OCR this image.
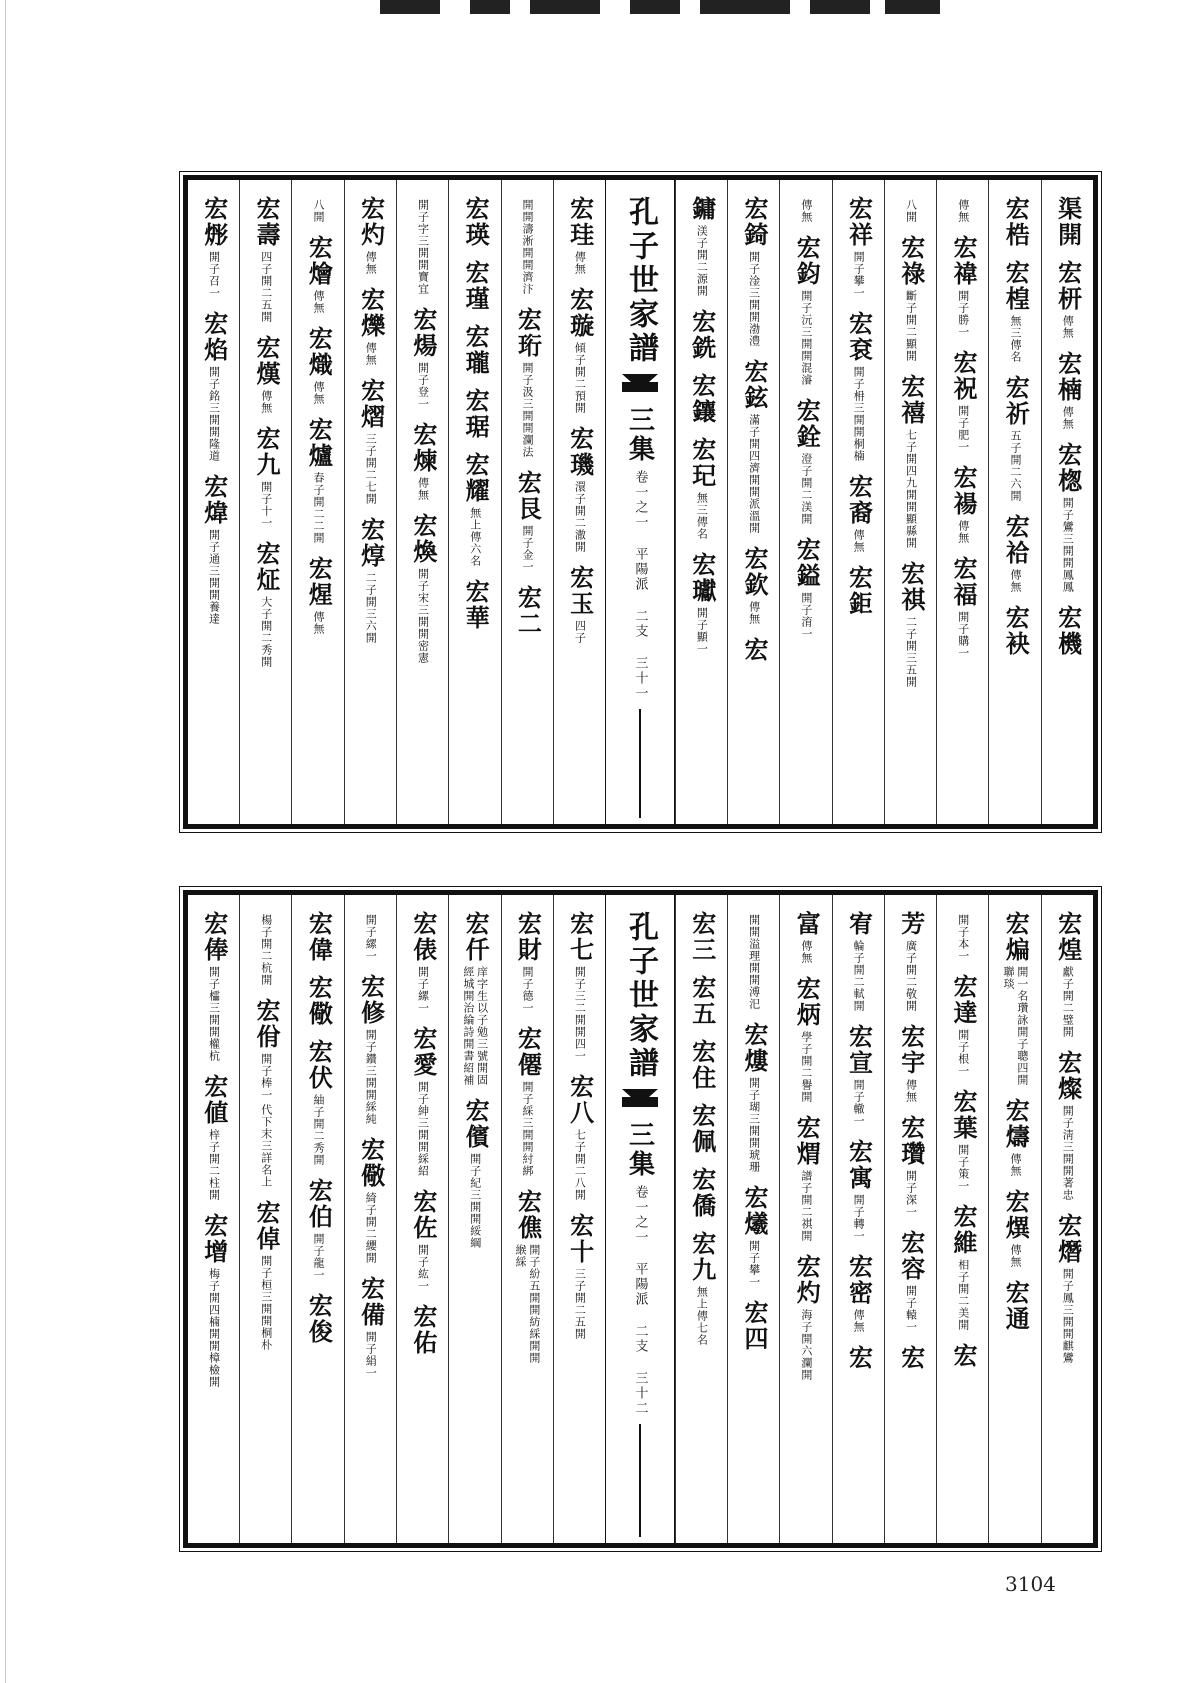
渠開
宏枅
傳無
宏楠
傳無
宏楤
開子鸞三開開鳳鳳
宏機
宏梏
宏楻
無三傳名
宏祈
五子開二六開
宏祫
傳無
宏袂
傳無
宏禕
開子勝一
宏祝
開子肥一
宏禓
傳無
宏福
開子購一
八開
宏祿
斷子開二顯開
宏禧
七子開四九開開顯縣開
宏祺
二子開三五開
宏祥
開子攀一
宏袞
開子枏三開開桐楠
宏裔
傳無
宏鉅
傳無
宏鈞
開子沅三開開混濬
宏銓
澄子開二渼開
宏鎰
開子淯一
宏錡
開子淦三開開渤澧
宏鉉
滿子開四濟開開派溫開
宏欽
傳無
宏
鏞
渼子開二源開
宏銑
宏鑲
宏玘
無三傳名
宏瓛
開子顯一
孔子世家譜
三集
卷一之一 平陽派 二支 三十一
宏珪
傳無
宏璇
傾子開二預開
宏璣
澴子開二潵開
宏玉
四子
開開濤淅開開濟汴
宏珩
開子汲三開開瀾法
宏艮
開子金一
宏二
宏瑛
宏瑾
宏瓏
宏琚
宏耀
無上傳六名
宏華
開子字三開開寶宜
宏煬
開子登一
宏煉
傳無
宏煥
開子宋三開開密憲
宏灼
傳無
宏爍
傳無
宏熠
三子開二七開
宏焞
二子開三六開
八開
宏燴
傳無
宏熾
傳無
宏爐
春子開二二開
宏煋
傳無
宏壽
四子開二五開
宏熯
傳無
宏九
開子十一
宏炡
大子開二秀開
宏烿
開子召一
宏焰
開子銘三開開隆道
宏煒
開子通三開開養達
宏煌
獻子開二璧開
宏燦
開子淸三開開著忠
宏熸
開子鳳三開開麒鸞
宏煸
開一名瓚詠開子聰四開聯琰
宏燽
傳無
宏熼
傳無
宏通
開子本一
宏達
開子根一
宏葉
開子策一
宏維
相子開二美開
宏
芳
廣子開二敬開
宏宇
傳無
宏瓚
開子深一
宏容
開子轅一
宏
宥
輪子開二軾開
宏宣
開子轍一
宏寓
開子轉一
宏密
傳無
宏
富
傳無
宏炳
學子開二譽開
宏煟
譜子開二祺開
宏灼
海子開六瀾開
開開溢理開開溥汜
宏熡
開子瑚三開開琥珊
宏爔
開子攀一
宏四
宏三
宏五
宏住
宏佩
宏僑
宏九
無上傳七名
孔子世家譜
三集
卷一之一 平陽派 二支 三十二
宏七
開子三二開開四一
宏八
七子開二八開
宏十
三子開二五開
宏財
開子德一
宏僊
開子綵三開開紂綁
宏僬
開子紛五開開紡綵開開緱綵
宏仟
庠字生以子勉三號開固經城開治綸詩開書紹補
宏儐
開子紀三開開綏綱
宏俵
開子縲一
宏愛
開子紳三開開綵紹
宏佐
開子紘一
宏佑
開子縲一
宏修
開子鑽三開開綵純
宏儆
綺子開二纓開
宏備
開子絹一
宏偉
宏儆
宏伏
紬子開二秀開
宏伯
開子龍一
宏俊
楊子開二杭開
宏佾
開子棒一
代下末三詳名上
宏倬
開子桓三開開桐朴
宏俸
開子櫺三開開權杭
宏値
梓子開二柱開
宏增
梅子開四楠開開樟檢開
3104
